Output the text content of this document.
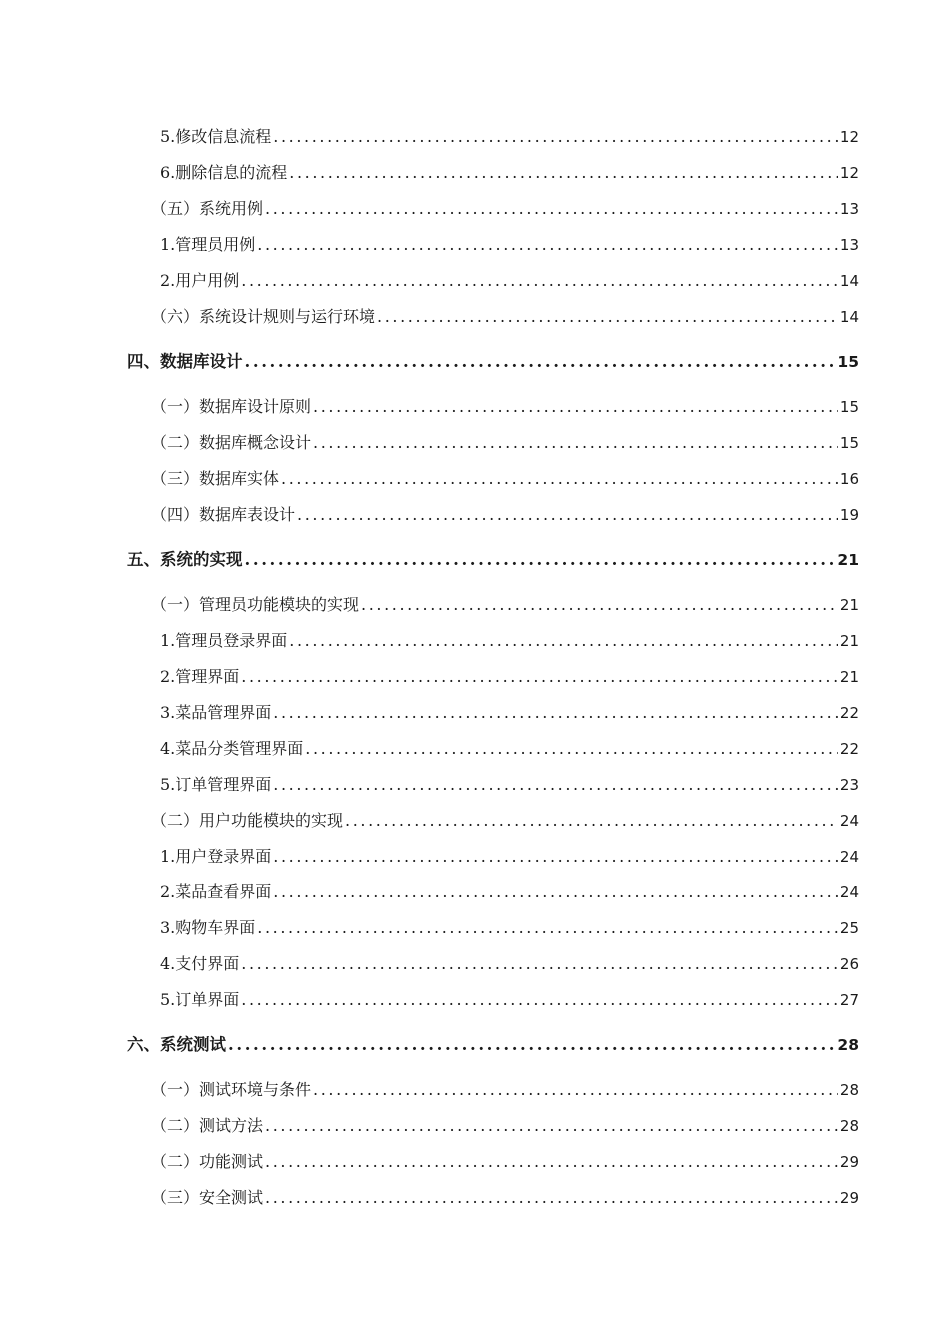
5.修改信息流程 .....	12
6.删除信息的流程 .....	12
（五）系统用例 .....	13
1.管理员用例 .....	13
2.用户用例 .....	14
（六）系统设计规则与运行环境 .....	14
四、数据库设计 .....	15
（一）数据库设计原则 .....	15
（二）数据库概念设计 .....	15
（三）数据库实体 .....	16
（四）数据库表设计 .....	19
五、系统的实现 .....	21
（一）管理员功能模块的实现 .....	21
1.管理员登录界面 .....	21
2.管理界面 .....	21
3.菜品管理界面 .....	22
4.菜品分类管理界面 .....	22
5.订单管理界面 .....	23
（二）用户功能模块的实现 .....	24
1.用户登录界面 .....	24
2.菜品查看界面 .....	24
3.购物车界面 .....	25
4.支付界面 .....	26
5.订单界面 .....	27
六、系统测试 .....	28
（一）测试环境与条件 .....	28
（二）测试方法 .....	28
（二）功能测试 .....	29
（三）安全测试 .....	29
